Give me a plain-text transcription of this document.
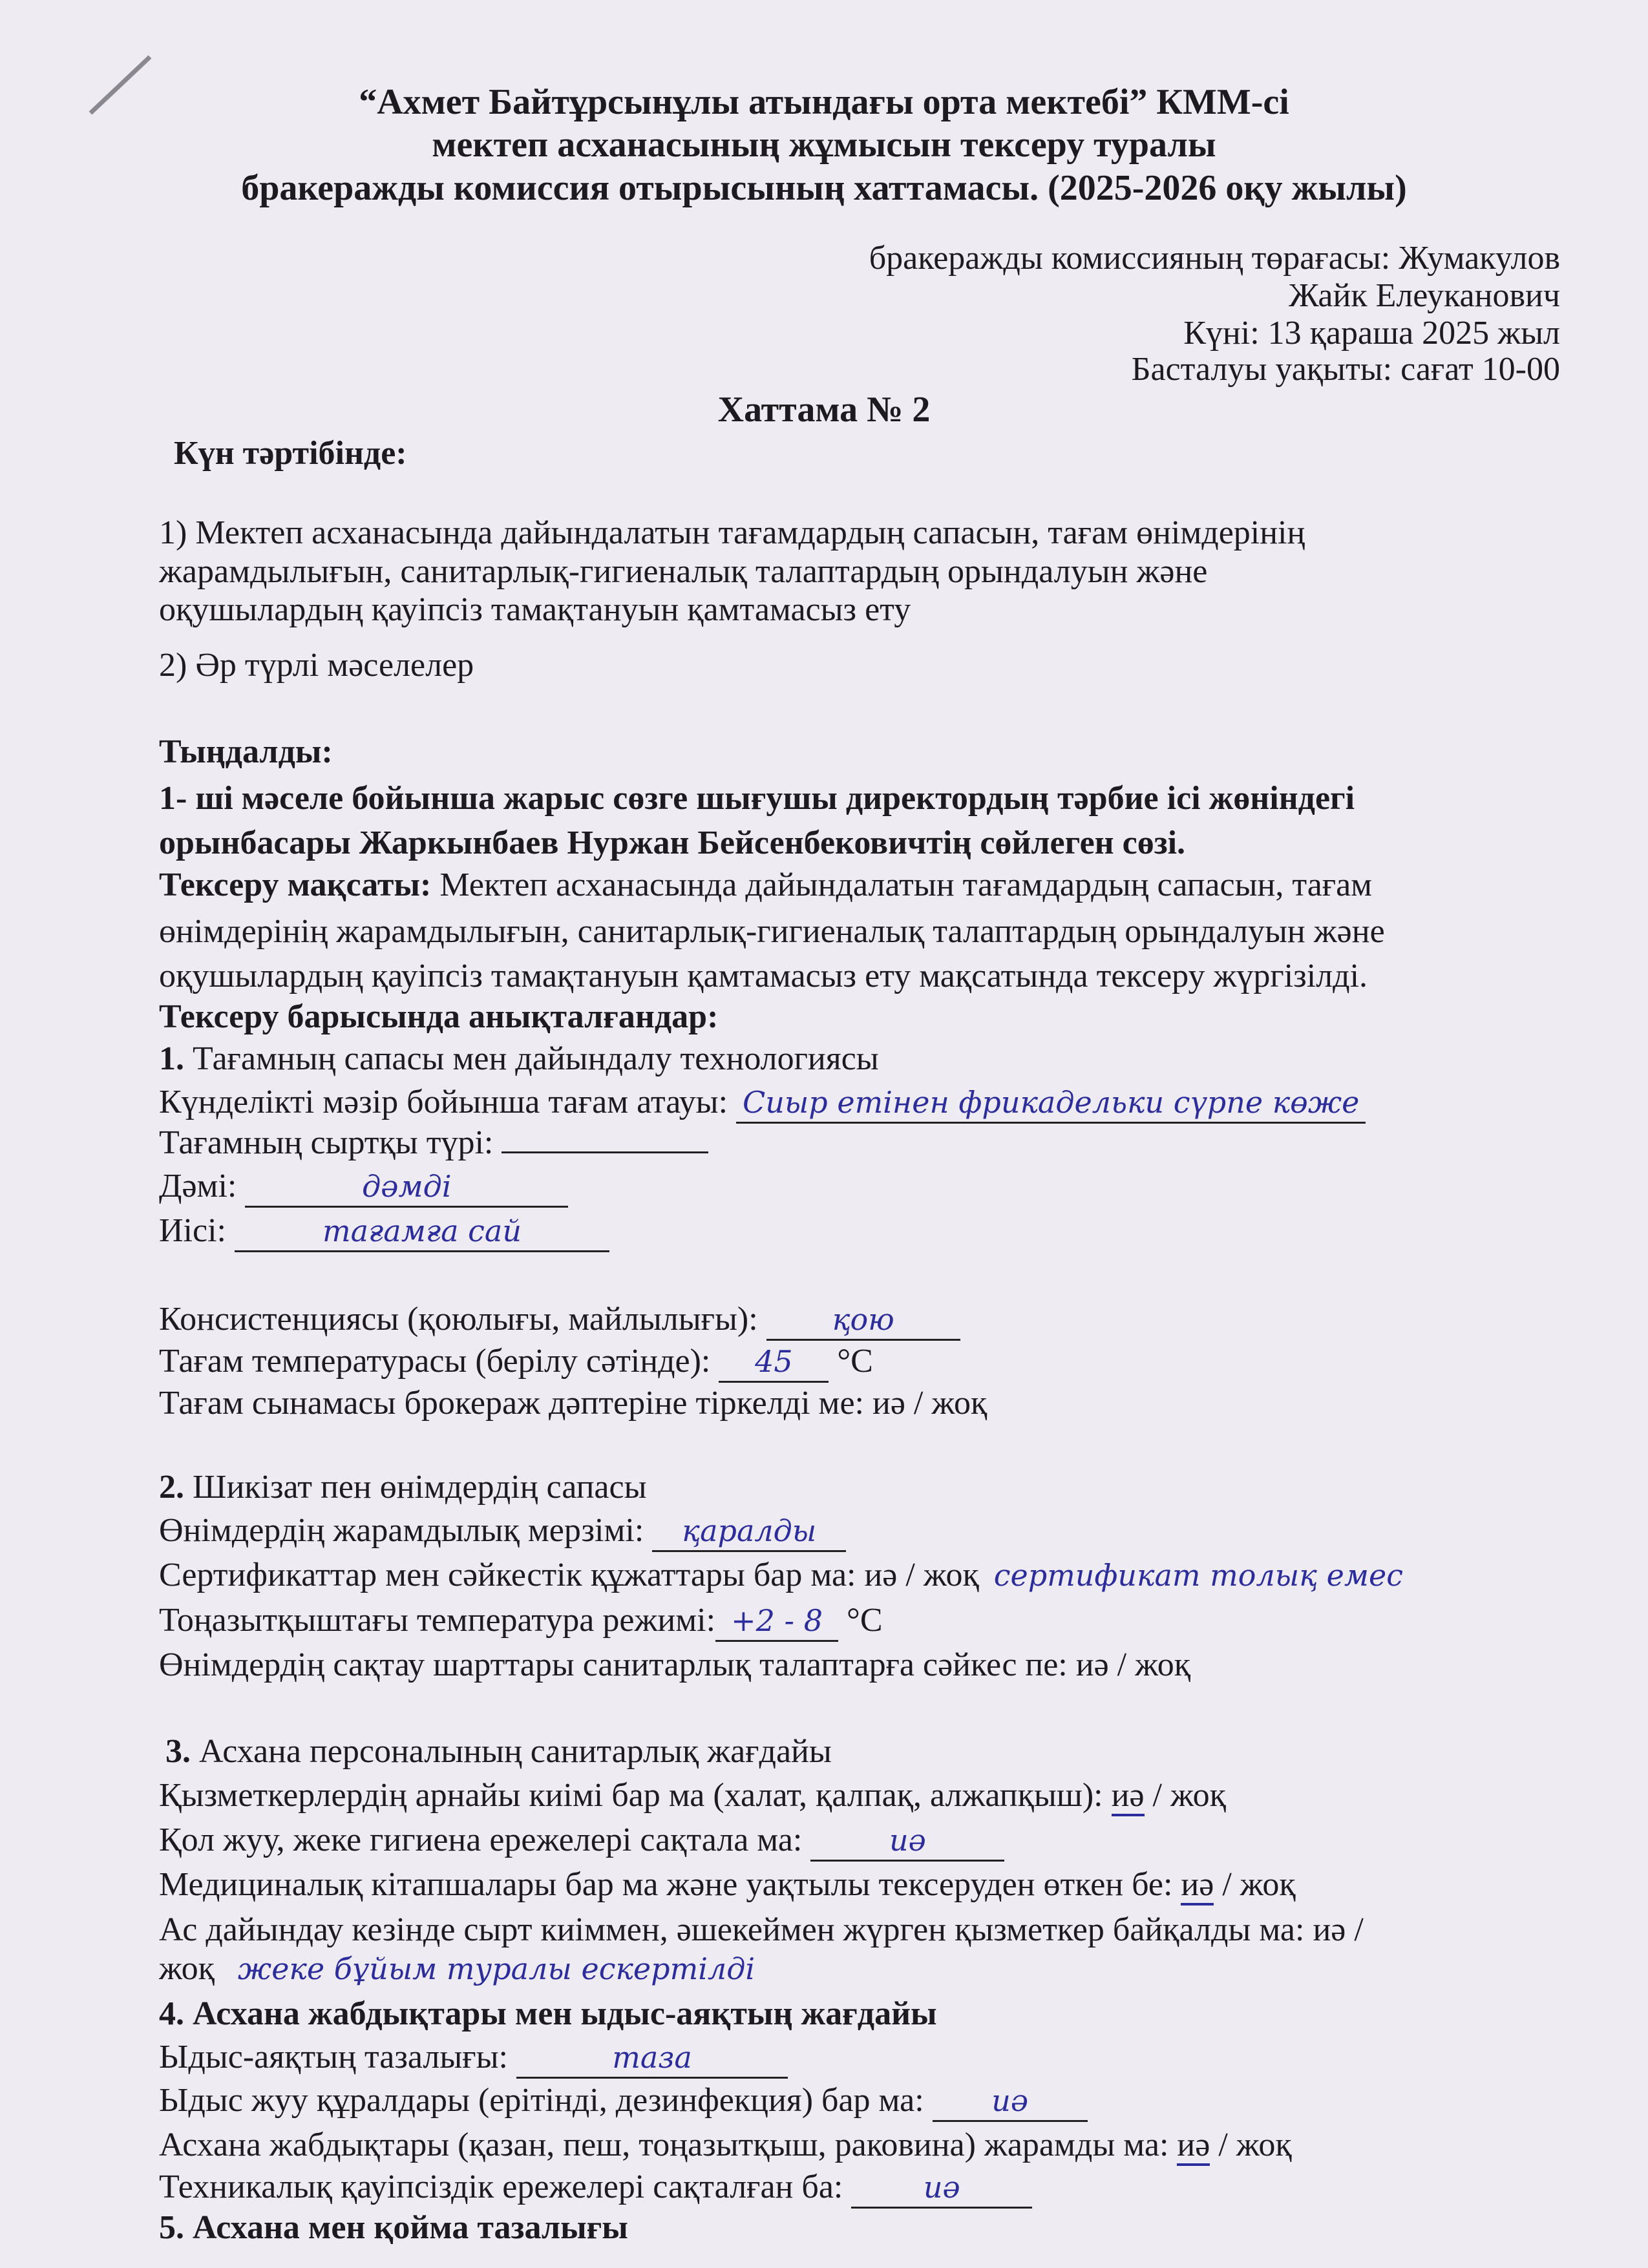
“Ахмет Байтұрсынұлы атындағы орта мектебі” КММ-сі
мектеп асханасының жұмысын тексеру туралы
бракеражды комиссия отырысының хаттамасы. (2025-2026 оқу жылы)
бракеражды комиссияның төрағасы: Жумакулов
Жайк Елеуканович
Күні: 13 қараша 2025 жыл
Басталуы уақыты: сағат 10-00
Хаттама № 2
Күн тәртібінде:
1) Мектеп асханасында дайындалатын тағамдардың сапасын, тағам өнімдерінің
жарамдылығын, санитарлық-гигиеналық талаптардың орындалуын және
оқушылардың қауіпсіз тамақтануын қамтамасыз ету
2) Әр түрлі мәселелер
Тыңдалды:
1- ші мәселе бойынша жарыс сөзге шығушы директордың тәрбие ісі жөніндегі
орынбасары Жаркынбаев Нуржан Бейсенбековичтің сөйлеген сөзі.
Тексеру мақсаты: Мектеп асханасында дайындалатын тағамдардың сапасын, тағам
өнімдерінің жарамдылығын, санитарлық-гигиеналық талаптардың орындалуын және
оқушылардың қауіпсіз тамақтануын қамтамасыз ету мақсатында тексеру жүргізілді.
Тексеру барысында анықталғандар:
1. Тағамның сапасы мен дайындалу технологиясы
Күнделікті мәзір бойынша тағам атауы: Сиыр етінен фрикадельки сүрпе көже
Тағамның сыртқы түрі:
Дәмі:	дәмді
Иісі:	тағамға сай
Консистенциясы (қоюлығы, майлылығы):	қою
Тағам температурасы (берілу сәтінде): 45 °C
Тағам сынамасы брокераж дәптеріне тіркелді ме: иә / жоқ
2. Шикізат пен өнімдердің сапасы
Өнімдердің жарамдылық мерзімі: қаралды
Сертификаттар мен сәйкестік құжаттары бар ма: иә / жоқ сертификат толық емес
Тоңазытқыштағы температура режимі: +2 - 8 °C
Өнімдердің сақтау шарттары санитарлық талаптарға сәйкес пе: иә / жоқ
3. Асхана персоналының санитарлық жағдайы
Қызметкерлердің арнайы киімі бар ма (халат, қалпақ, алжапқыш): иә / жоқ
Қол жуу, жеке гигиена ережелері сақтала ма:	иә
Медициналық кітапшалары бар ма және уақтылы тексеруден өткен бе: иә / жоқ
Ас дайындау кезінде сырт киіммен, әшекеймен жүрген қызметкер байқалды ма: иә /
жоқ жеке бұйым туралы ескертілді
4. Асхана жабдықтары мен ыдыс-аяқтың жағдайы
Ыдыс-аяқтың тазалығы:	таза
Ыдыс жуу құралдары (ерітінді, дезинфекция) бар ма: иә
Асхана жабдықтары (қазан, пеш, тоңазытқыш, раковина) жарамды ма: иә / жоқ
Техникалық қауіпсіздік ережелері сақталған ба:	иә
5. Асхана мен қойма тазалығы
